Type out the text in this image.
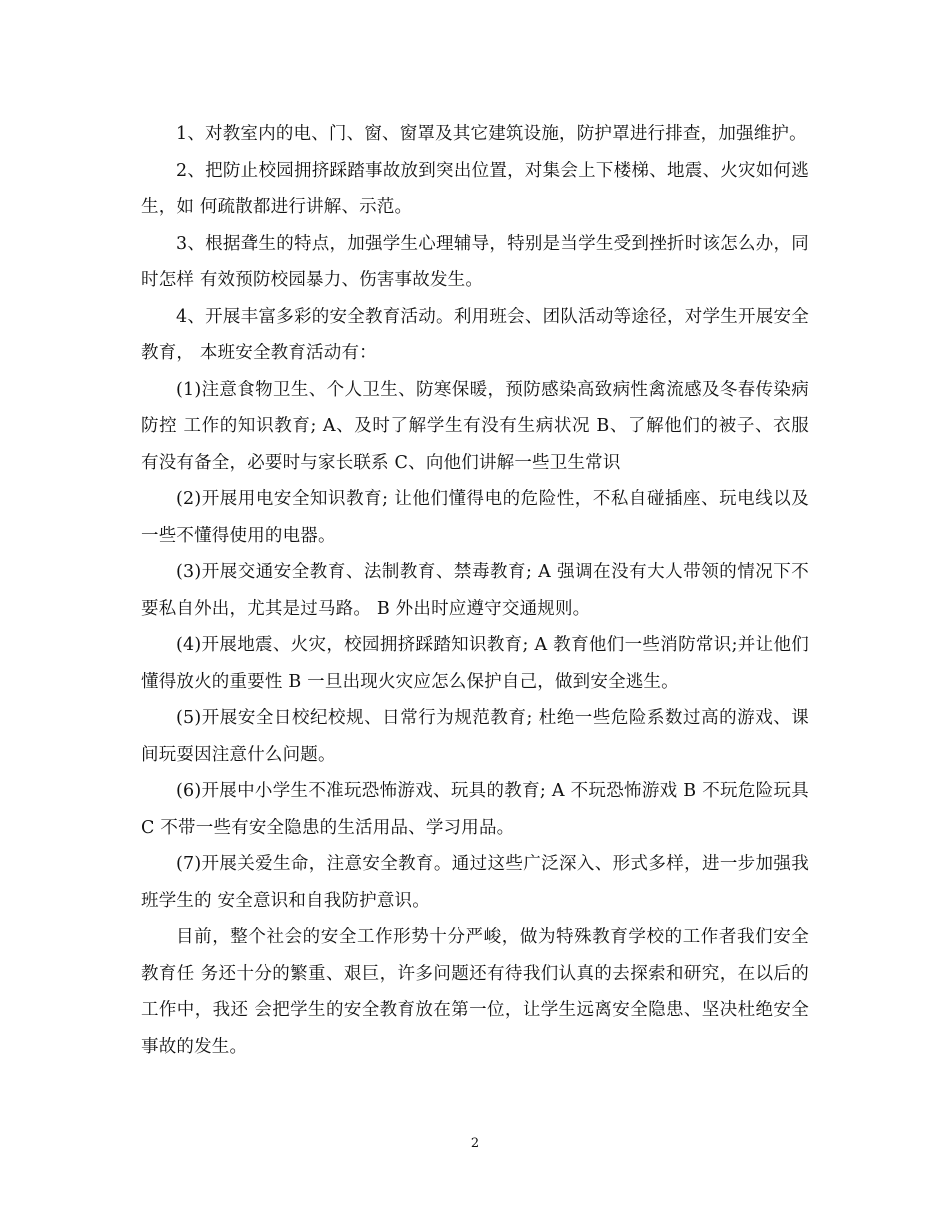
1、对教室内的电、门、窗、窗罩及其它建筑设施，防护罩进行排查，加强维护。

2、把防止校园拥挤踩踏事故放到突出位置，对集会上下楼梯、地震、火灾如何逃生，如 何疏散都进行讲解、示范。

3、根据聋生的特点，加强学生心理辅导，特别是当学生受到挫折时该怎么办，同时怎样 有效预防校园暴力、伤害事故发生。

4、开展丰富多彩的安全教育活动。利用班会、团队活动等途径，对学生开展安全教育， 本班安全教育活动有：

(1)注意食物卫生、个人卫生、防寒保暖，预防感染高致病性禽流感及冬春传染病防控 工作的知识教育; A、及时了解学生有没有生病状况 B、了解他们的被子、衣服有没有备全，必要时与家长联系 C、向他们讲解一些卫生常识

(2)开展用电安全知识教育; 让他们懂得电的危险性，不私自碰插座、玩电线以及一些不懂得使用的电器。

(3)开展交通安全教育、法制教育、禁毒教育; A 强调在没有大人带领的情况下不要私自外出，尤其是过马路。 B 外出时应遵守交通规则。

(4)开展地震、火灾，校园拥挤踩踏知识教育; A 教育他们一些消防常识;并让他们懂得放火的重要性 B 一旦出现火灾应怎么保护自己，做到安全逃生。

(5)开展安全日校纪校规、日常行为规范教育; 杜绝一些危险系数过高的游戏、课间玩耍因注意什么问题。

(6)开展中小学生不准玩恐怖游戏、玩具的教育; A 不玩恐怖游戏 B 不玩危险玩具 C 不带一些有安全隐患的生活用品、学习用品。

(7)开展关爱生命，注意安全教育。通过这些广泛深入、形式多样，进一步加强我班学生的 安全意识和自我防护意识。

目前，整个社会的安全工作形势十分严峻，做为特殊教育学校的工作者我们安全教育任 务还十分的繁重、艰巨，许多问题还有待我们认真的去探索和研究，在以后的工作中，我还 会把学生的安全教育放在第一位，让学生远离安全隐患、坚决杜绝安全事故的发生。

2
